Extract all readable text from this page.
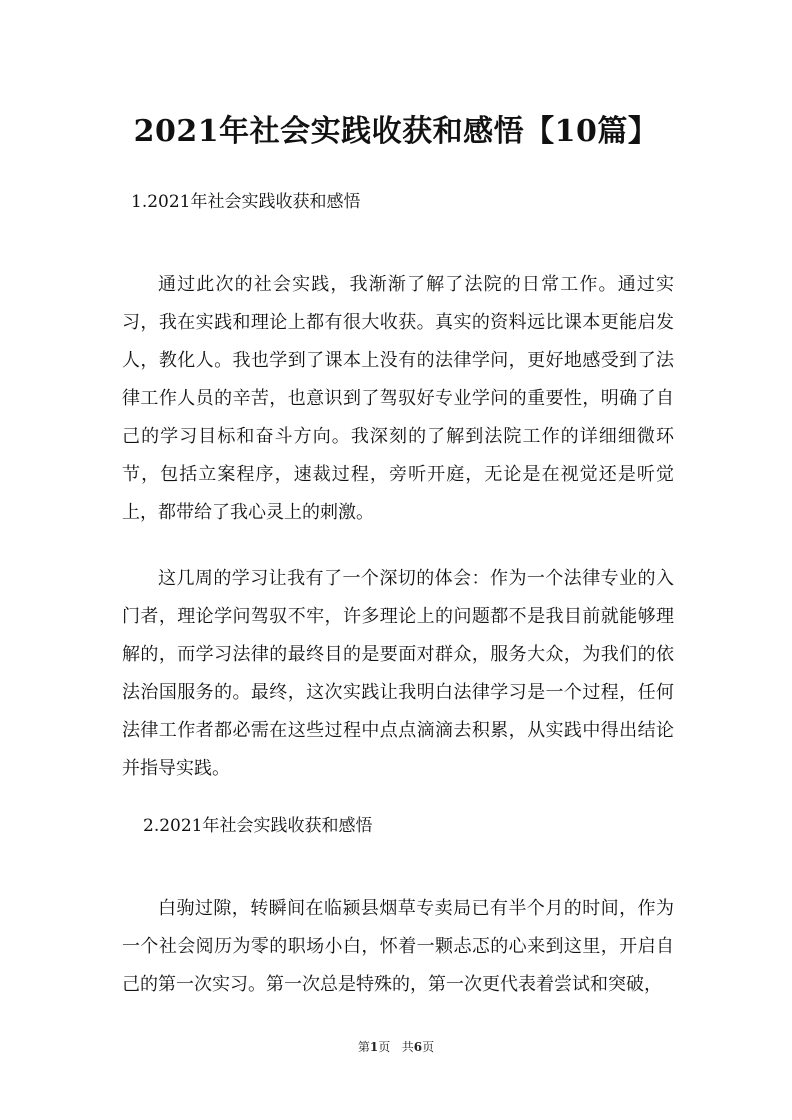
2021年社会实践收获和感悟【10篇】
1.2021年社会实践收获和感悟

通过此次的社会实践，我渐渐了解了法院的日常工作。通过实习，我在实践和理论上都有很大收获。真实的资料远比课本更能启发人，教化人。我也学到了课本上没有的法律学问，更好地感受到了法律工作人员的辛苦，也意识到了驾驭好专业学问的重要性，明确了自己的学习目标和奋斗方向。我深刻的了解到法院工作的详细细微环节，包括立案程序，速裁过程，旁听开庭，无论是在视觉还是听觉上，都带给了我心灵上的刺激。

这几周的学习让我有了一个深切的体会：作为一个法律专业的入门者，理论学问驾驭不牢，许多理论上的问题都不是我目前就能够理解的，而学习法律的最终目的是要面对群众，服务大众，为我们的依法治国服务的。最终，这次实践让我明白法律学习是一个过程，任何法律工作者都必需在这些过程中点点滴滴去积累，从实践中得出结论并指导实践。

2.2021年社会实践收获和感悟

白驹过隙，转瞬间在临颍县烟草专卖局已有半个月的时间，作为一个社会阅历为零的职场小白，怀着一颗忐忑的心来到这里，开启自己的第一次实习。第一次总是特殊的，第一次更代表着尝试和突破，

第1页 共6页
